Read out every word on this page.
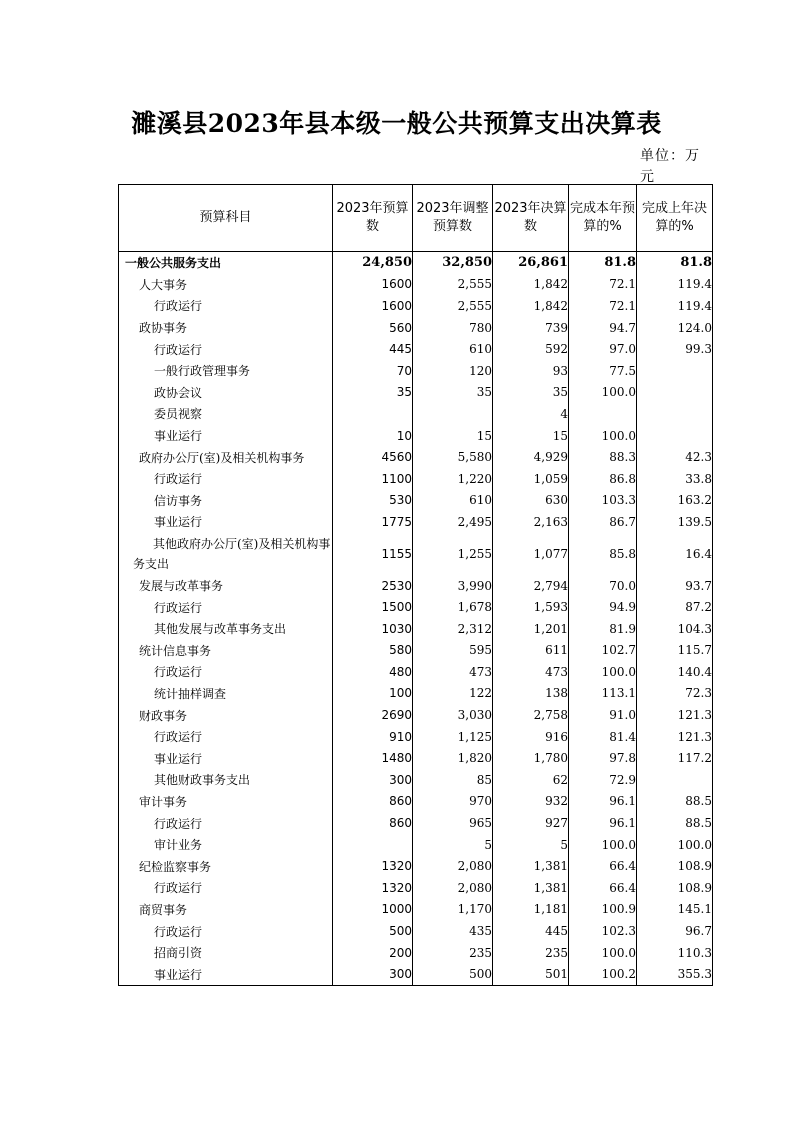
濉溪县2023年县本级一般公共预算支出决算表
单位：万元
预算科目	2023年预算数	2023年调整预算数	2023年决算数	完成本年预算的%	完成上年决算的%
一般公共服务支出	24,850	32,850	26,861	81.8	81.8
人大事务	1600	2,555	1,842	72.1	119.4
行政运行	1600	2,555	1,842	72.1	119.4
政协事务	560	780	739	94.7	124.0
行政运行	445	610	592	97.0	99.3
一般行政管理事务	70	120	93	77.5	
政协会议	35	35	35	100.0	
委员视察			4		
事业运行	10	15	15	100.0	
政府办公厅(室)及相关机构事务	4560	5,580	4,929	88.3	42.3
行政运行	1100	1,220	1,059	86.8	33.8
信访事务	530	610	630	103.3	163.2
事业运行	1775	2,495	2,163	86.7	139.5
其他政府办公厅(室)及相关机构事务支出	1155	1,255	1,077	85.8	16.4
发展与改革事务	2530	3,990	2,794	70.0	93.7
行政运行	1500	1,678	1,593	94.9	87.2
其他发展与改革事务支出	1030	2,312	1,201	81.9	104.3
统计信息事务	580	595	611	102.7	115.7
行政运行	480	473	473	100.0	140.4
统计抽样调查	100	122	138	113.1	72.3
财政事务	2690	3,030	2,758	91.0	121.3
行政运行	910	1,125	916	81.4	121.3
事业运行	1480	1,820	1,780	97.8	117.2
其他财政事务支出	300	85	62	72.9	
审计事务	860	970	932	96.1	88.5
行政运行	860	965	927	96.1	88.5
审计业务		5	5	100.0	100.0
纪检监察事务	1320	2,080	1,381	66.4	108.9
行政运行	1320	2,080	1,381	66.4	108.9
商贸事务	1000	1,170	1,181	100.9	145.1
行政运行	500	435	445	102.3	96.7
招商引资	200	235	235	100.0	110.3
事业运行	300	500	501	100.2	355.3
